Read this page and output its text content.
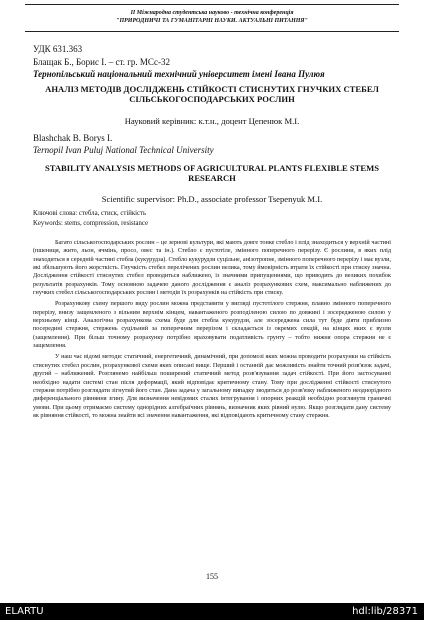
ІІ Міжнародна студентська науково - технічна конференція
"ПРИРОДНИЧІ ТА ГУМАНІТАРНІ НАУКИ. АКТУАЛЬНІ ПИТАННЯ"
УДК 631.363
Блащак Б., Борис І. – ст. гр. МСс-32
Тернопільський національний технічний університет імені Івана Пулюя
АНАЛІЗ МЕТОДІВ ДОСЛІДЖЕНЬ СТІЙКОСТІ СТИСНУТИХ ГНУЧКИХ СТЕБЕЛ СІЛЬСЬКОГОСПОДАРСЬКИХ РОСЛИН
Науковий керівник: к.т.н., доцент Цепенюк М.І.
Blashchak B. Borys I.
Ternopil Ivan Puluj National Technical University
STABILITY ANALYSIS METHODS OF AGRICULTURAL PLANTS FLEXIBLE STEMS RESEARCH
Scientific supervisor: Ph.D., associate professor Tsepenyuk M.I.
Ключові слова: стебла, стиск, стійкість
Keywords: stems, compression, resistance

Багато сільськогосподарських рослин – це зернові культури, які мають довге тонке стебло і плід знаходиться у верхній частині (пшениця, жито, льон, ячмінь, просо, овес та ін.). Стебло є пустотіле, змінного поперечного перерізу. Є рослини, в яких плід знаходиться в середній частині стебла (кукурудза). Стебло кукурудзи суцільне, анізотропне, змінного поперечного перерізу і має вузли, які збільшують його жорсткість. Гнучкість стебел перелічених рослин велика, тому ймовірність втрати їх стійкості при стиску значна. Дослідження стійкості стиснутих стебел проводиться наближено, із значними припущеннями, що приводить до великих похибок результатів розрахунків. Тому основною задачею даного дослідження є аналіз розрахункових схем, максимально наближених до гнучких стебел сільськогосподарських рослин і методів їх розрахунків на стійкість при стиску.

Розрахункову схему першого виду рослин можна представити у вигляді пустотілого стержня, плавно змінного поперечного перерізу, внизу защемленого з вільним верхнім кінцем, навантаженого розподіленою силою по довжині і зосередженою силою у верхньому кінці. Аналогічна розрахункова схема буде для стебла кукурудзи, але зосереджена сила тут буде діяти приблизно посередині стержня, стержень суцільний за поперечним перерізом і складається із окремих секцій, на кінцях яких є вузли (защемлення). При більш точному розрахунку потрібно враховувати податливість грунту – тобто нижня опора стержня не є защемлення.

У наш час відомі методи: статичний, енергетичний, динамічний, при допомозі яких можна проводити розрахунки на стійкість стиснутих стебел рослин, розрахункової схеми яких описані вище. Перший і останній дає можливість знайти точний розв'язок задачі, другий – наближений. Розглянемо найбільш поширений статичний метод розв'язування задач стійкості. При його застосуванні необхідно надати системі стан після деформації, який відповідає критичному стану. Тому при дослідженні стійкості стиснутого стержня потрібно розглядати зігнутий його стан. Дана задача у загальному випадку зводиться до розв'язку наближеного неоднорідного диференціального рівняння згину. Для визначення невідомих сталих інтегрування і опорних реакцій необхідно розглянути граничні умови. При цьому отримаємо систему однорідних алгебраїчних рівнянь, визначник яких рівний нулю. Якщо розглядати дану систему як рівняння стійкості, то можна знайти всі значення навантаження, які відповідають критичному стану стержня.

155
ELARTU	hdl:lib/28371
